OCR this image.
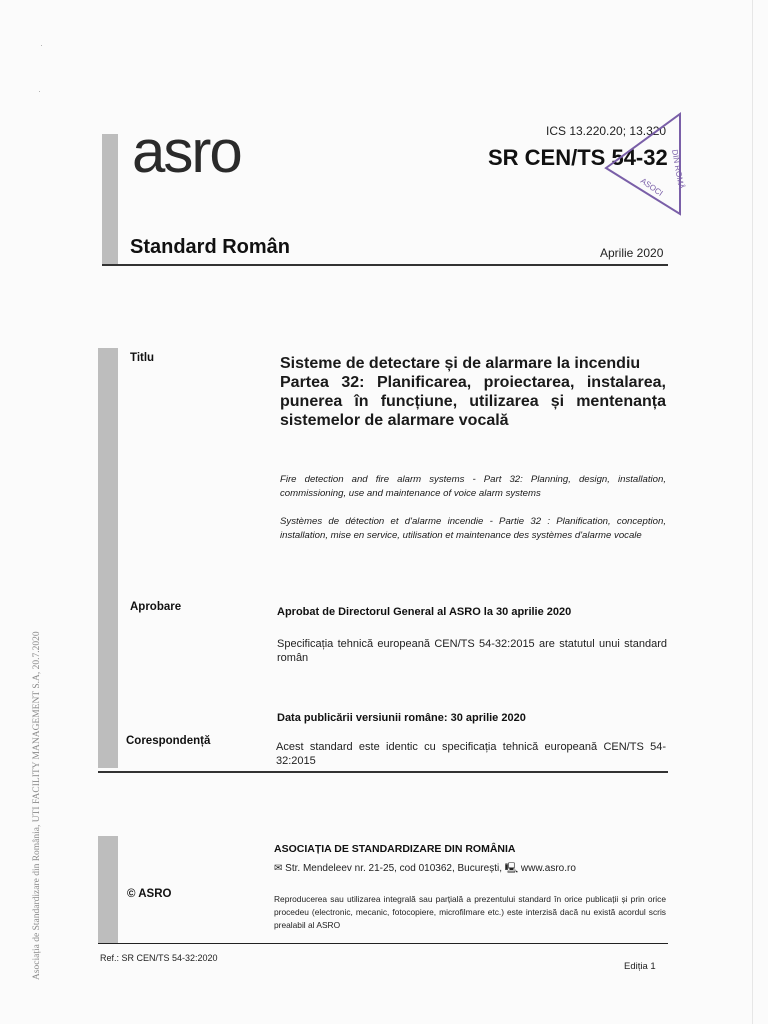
·
·
asro	ICS 13.220.20; 13.320
SR CEN/TS 54-32
Standard Român	Aprilie 2020
DIN ROMÂ
ASOCI
Titlu	Sisteme de detectare și de alarmare la incendiu
Partea 32: Planificarea, proiectarea, instalarea, punerea în funcțiune, utilizarea și mentenanța sistemelor de alarmare vocală
Fire detection and fire alarm systems - Part 32: Planning, design, installation, commissioning, use and maintenance of voice alarm systems
Systèmes de détection et d'alarme incendie - Partie 32 : Planification, conception, installation, mise en service, utilisation et maintenance des systèmes d'alarme vocale
Aprobare	Aprobat de Directorul General al ASRO la 30 aprilie 2020
Specificația tehnică europeană CEN/TS 54-32:2015 are statutul unui standard român
Data publicării versiunii române: 30 aprilie 2020
Corespondență	Acest standard este identic cu specificația tehnică europeană CEN/TS 54-32:2015
ASOCIAȚIA DE STANDARDIZARE DIN ROMÂNIA
✉ Str. Mendeleev nr. 21-25, cod 010362, București, 🖳 www.asro.ro
© ASRO	Reproducerea sau utilizarea integrală sau parțială a prezentului standard în orice publicații și prin orice procedeu (electronic, mecanic, fotocopiere, microfilmare etc.) este interzisă dacă nu există acordul scris prealabil al ASRO
Ref.: SR CEN/TS 54-32:2020
Ediția 1
Asociația de Standardizare din România, UTI FACILITY MANAGEMENT S.A, 20.7.2020
